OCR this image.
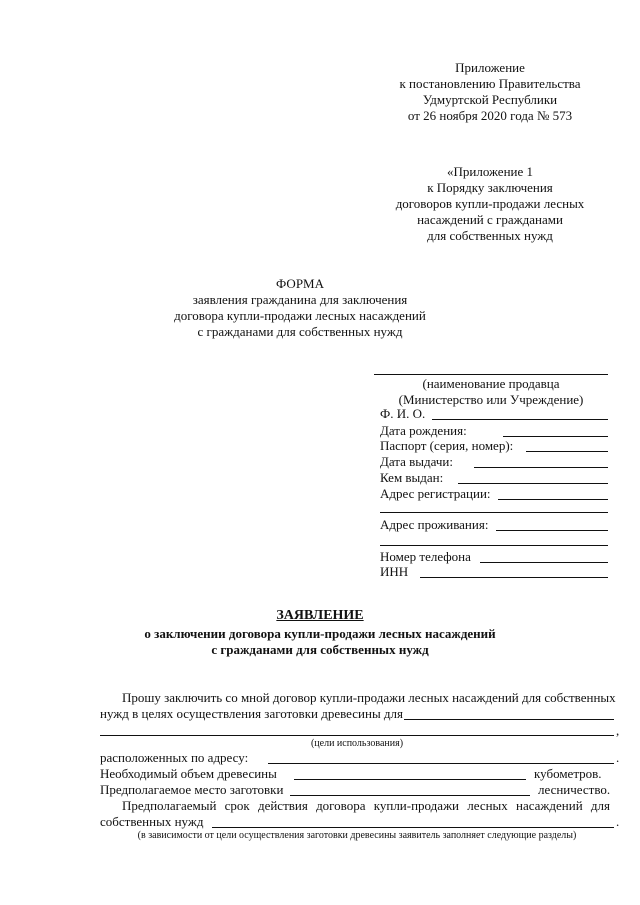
Приложение
к постановлению Правительства
Удмуртской Республики
от 26 ноября 2020 года № 573
«Приложение 1
к Порядку заключения
договоров купли-продажи лесных
насаждений с гражданами
для собственных нужд
ФОРМА
заявления гражданина для заключения
договора купли-продажи лесных насаждений
с гражданами для собственных нужд
(наименование продавца
(Министерство или Учреждение)
Ф. И. О.
Дата рождения:
Паспорт (серия, номер):
Дата выдачи:
Кем выдан:
Адрес регистрации:
Адрес проживания:
Номер телефона
ИНН
ЗАЯВЛЕНИЕ
о заключении договора купли-продажи лесных насаждений
с гражданами для собственных нужд
Прошу заключить со мной договор купли-продажи лесных насаждений для собственных
нужд в целях осуществления заготовки древесины для
,
(цели использования)
расположенных по адресу:	.
Необходимый объем древесины	кубометров.
Предполагаемое место заготовки	лесничество.
Предполагаемый срок действия договора купли-продажи лесных насаждений для
собственных нужд	.
(в зависимости от цели осуществления заготовки древесины заявитель заполняет следующие разделы)
